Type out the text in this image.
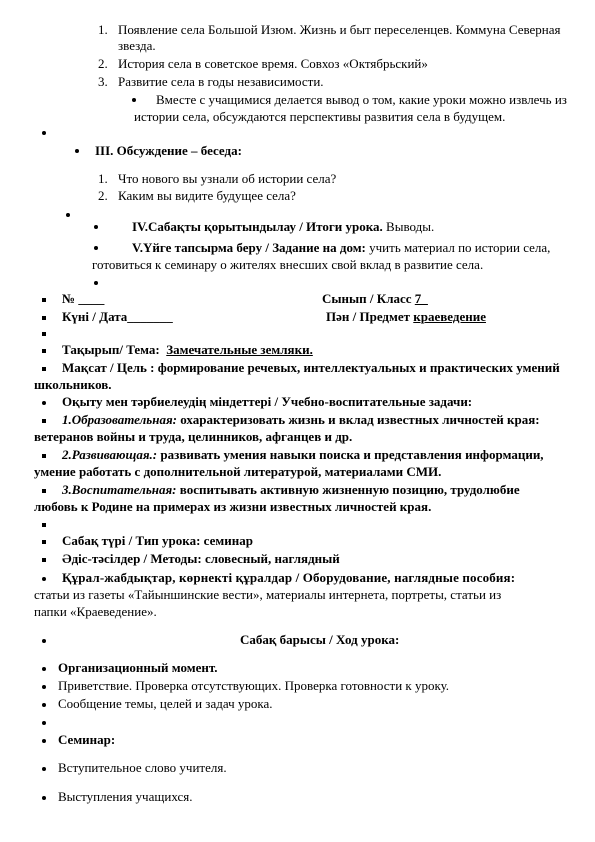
1. Появление села Большой Изюм. Жизнь и быт переселенцев. Коммуна Северная
звезда.
2. История села в советское время. Совхоз «Октябрьский»
3. Развитие села в годы независимости.
Вместе с учащимися делается вывод о том, какие уроки можно извлечь из
истории села, обсуждаются перспективы развития села в будущем.
III. Обсуждение – беседа:
1. Что нового вы узнали об истории села?
2. Каким вы видите будущее села?
IV.Сабақты қорытындылау / Итоги урока. Выводы.
V.Үйге тапсырма беру / Задание на дом: учить материал по истории села,
готовиться к семинару о жителях внесших свой вклад в развитие села.
№ ____	Сынып / Класс 7_
Күні / Дата_______	Пән / Предмет краеведение
Тақырып/ Тема: Замечательные земляки.
Мақсат / Цель : формирование речевых, интеллектуальных и практических умений
школьников.
Оқыту мен тәрбиелеудің міндеттері / Учебно-воспитательные задачи:
1.Образовательная: охарактеризовать жизнь и вклад известных личностей края:
ветеранов войны и труда, целинников, афганцев и др.
2.Развивающая.: развивать умения навыки поиска и представления информации,
умение работать с дополнительной литературой, материалами СМИ.
3.Воспитательная: воспитывать активную жизненную позицию, трудолюбие
любовь к Родине на примерах из жизни известных личностей края.
Сабақ түрі / Тип урока: семинар
Әдіс-тәсілдер / Методы: словесный, наглядный
Құрал-жабдықтар, көрнекті құралдар / Оборудование, наглядные пособия:
статьи из газеты «Тайыншинские вести», материалы интернета, портреты, статьи из
папки «Краеведение».
Сабақ барысы / Ход урока:
Организационный момент.
Приветствие. Проверка отсутствующих. Проверка готовности к уроку.
Сообщение темы, целей и задач урока.
Семинар:
Вступительное слово учителя.
Выступления учащихся.
